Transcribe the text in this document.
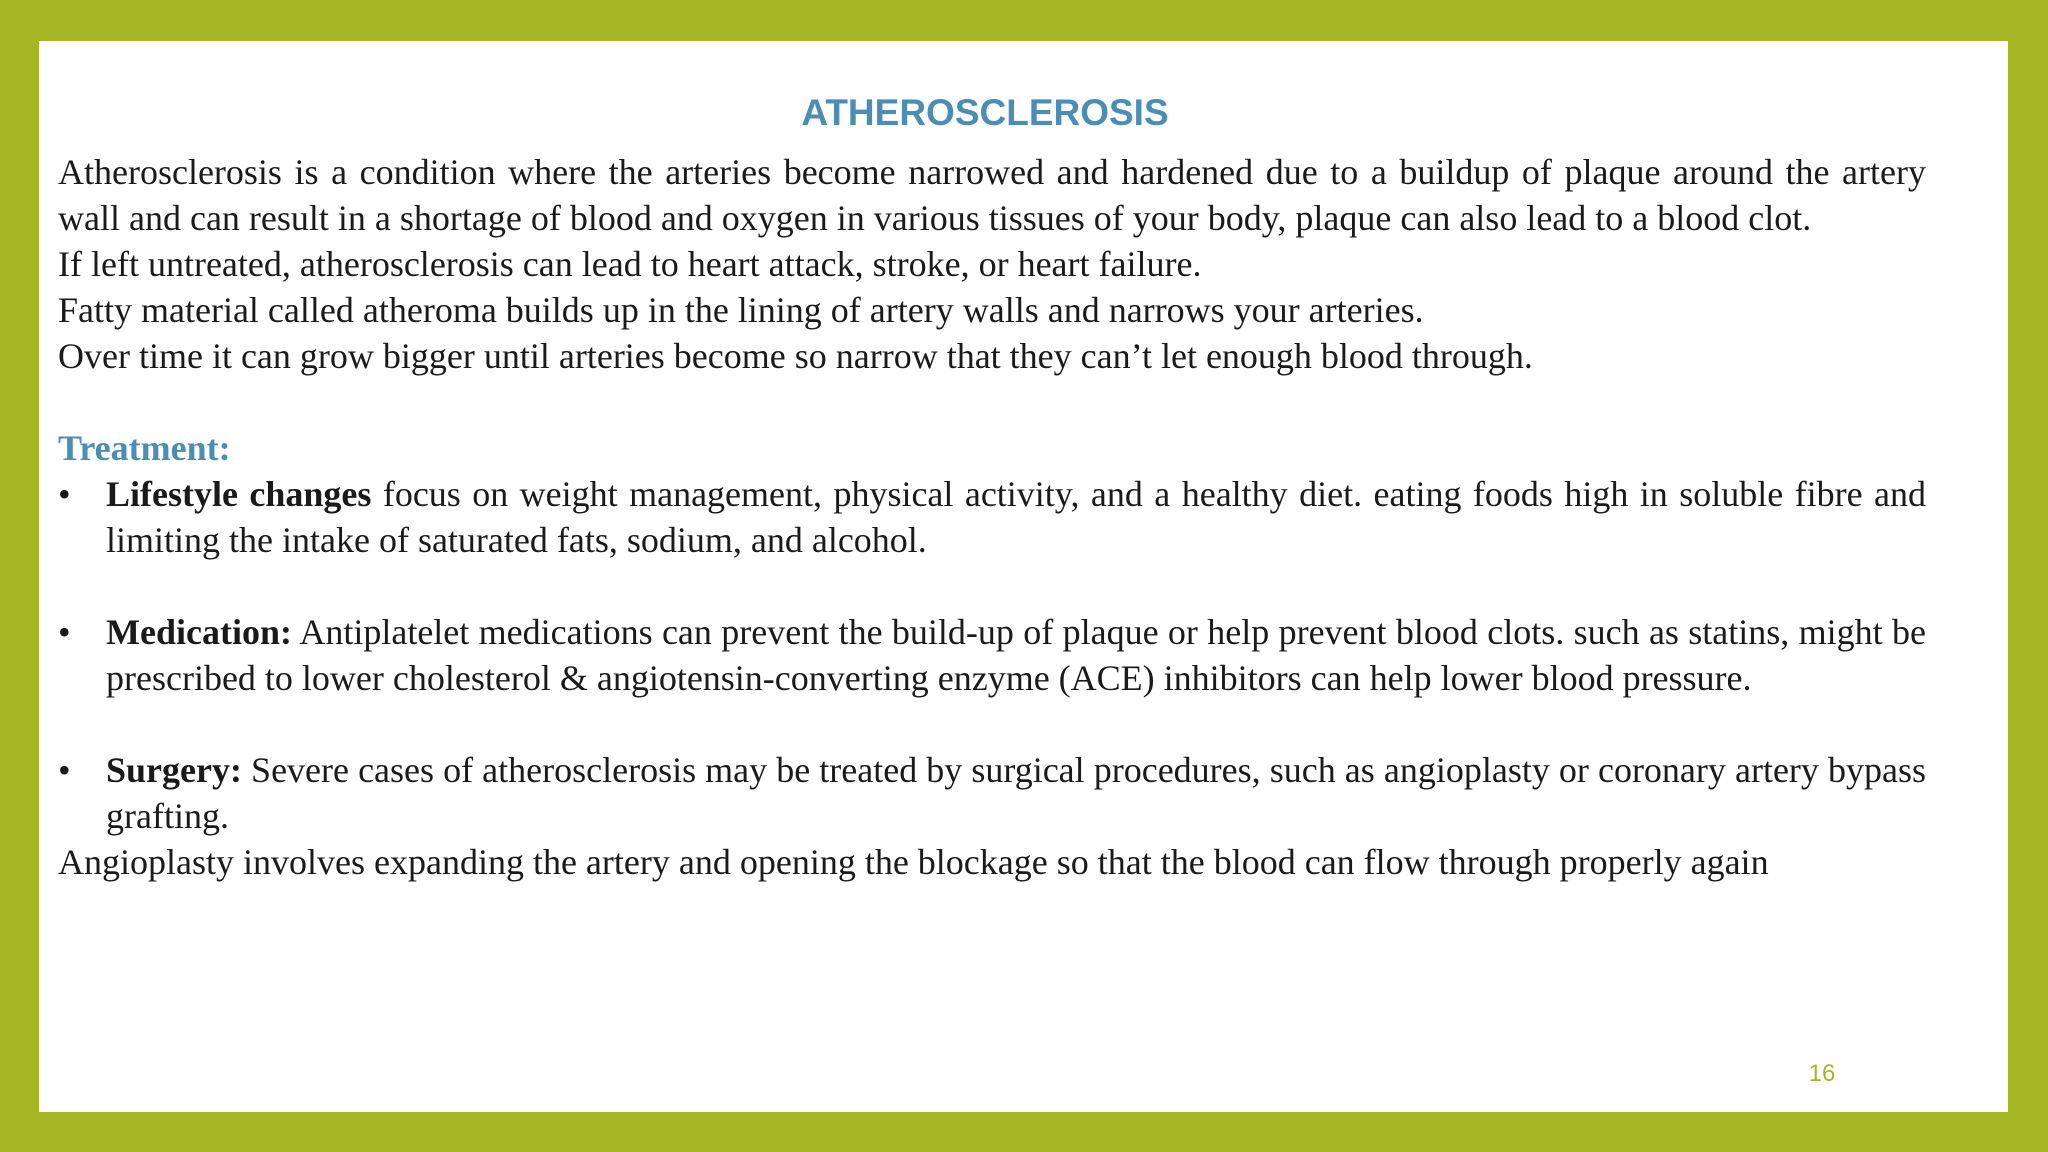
ATHEROSCLEROSIS

Atherosclerosis is a condition where the arteries become narrowed and hardened due to a buildup of plaque around the artery wall and can result in a shortage of blood and oxygen in various tissues of your body, plaque can also lead to a blood clot.

If left untreated, atherosclerosis can lead to heart attack, stroke, or heart failure.

Fatty material called atheroma builds up in the lining of artery walls and narrows your arteries.

Over time it can grow bigger until arteries become so narrow that they can’t let enough blood through.

Treatment:

• Lifestyle changes focus on weight management, physical activity, and a healthy diet. eating foods high in soluble fibre and limiting the intake of saturated fats, sodium, and alcohol.

• Medication: Antiplatelet medications can prevent the build-up of plaque or help prevent blood clots. such as statins, might be prescribed to lower cholesterol & angiotensin-converting enzyme (ACE) inhibitors can help lower blood pressure.

• Surgery: Severe cases of atherosclerosis may be treated by surgical procedures, such as angioplasty or coronary artery bypass grafting.

Angioplasty involves expanding the artery and opening the blockage so that the blood can flow through properly again

16
